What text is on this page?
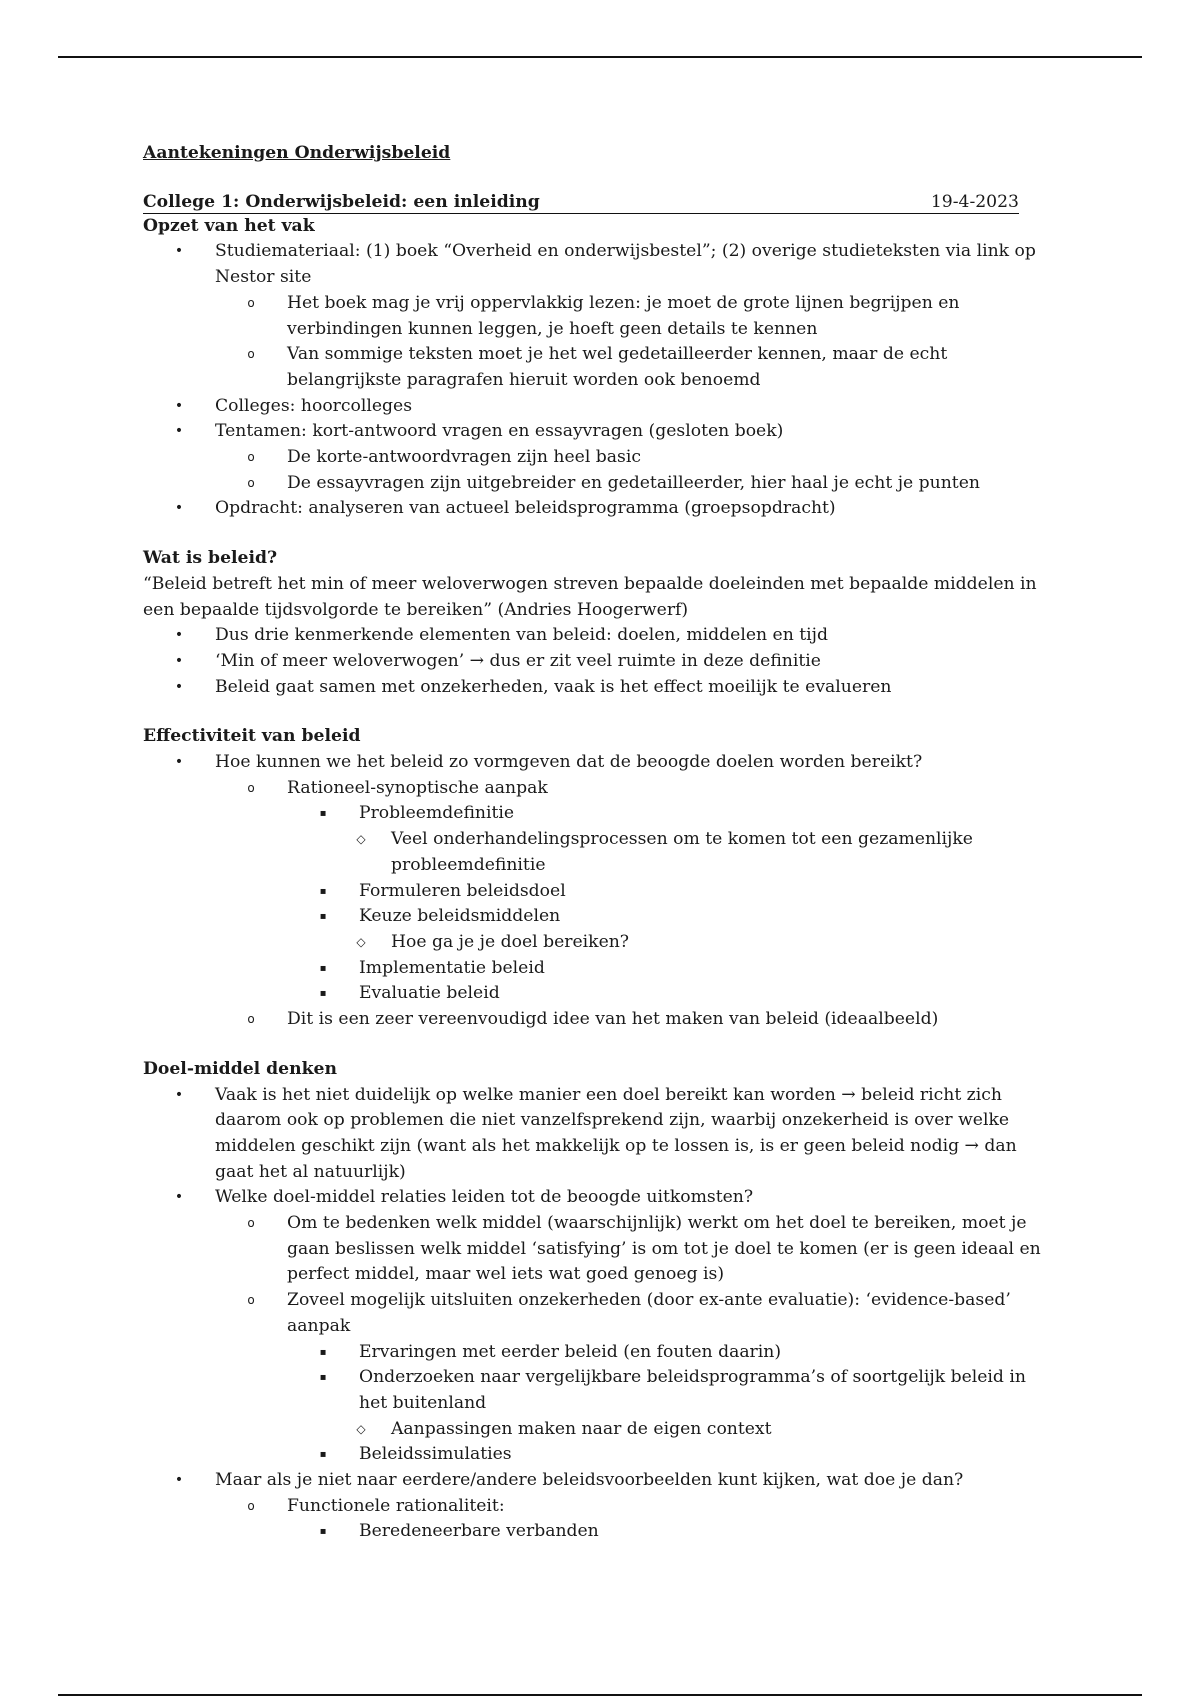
Aantekeningen Onderwijsbeleid
College 1: Onderwijsbeleid: een inleiding	19-4-2023
Opzet van het vak
•	Studiemateriaal: (1) boek “Overheid en onderwijsbestel”; (2) overige studieteksten via link op Nestor site
o	Het boek mag je vrij oppervlakkig lezen: je moet de grote lijnen begrijpen en verbindingen kunnen leggen, je hoeft geen details te kennen
o	Van sommige teksten moet je het wel gedetailleerder kennen, maar de echt belangrijkste paragrafen hieruit worden ook benoemd
•	Colleges: hoorcolleges
•	Tentamen: kort-antwoord vragen en essayvragen (gesloten boek)
o	De korte-antwoordvragen zijn heel basic
o	De essayvragen zijn uitgebreider en gedetailleerder, hier haal je echt je punten
•	Opdracht: analyseren van actueel beleidsprogramma (groepsopdracht)
Wat is beleid?
“Beleid betreft het min of meer weloverwogen streven bepaalde doeleinden met bepaalde middelen in een bepaalde tijdsvolgorde te bereiken” (Andries Hoogerwerf)
•	Dus drie kenmerkende elementen van beleid: doelen, middelen en tijd
•	‘Min of meer weloverwogen’ → dus er zit veel ruimte in deze definitie
•	Beleid gaat samen met onzekerheden, vaak is het effect moeilijk te evalueren
Effectiviteit van beleid
•	Hoe kunnen we het beleid zo vormgeven dat de beoogde doelen worden bereikt?
o	Rationeel-synoptische aanpak
▪	Probleemdefinitie
◇	Veel onderhandelingsprocessen om te komen tot een gezamenlijke probleemdefinitie
▪	Formuleren beleidsdoel
▪	Keuze beleidsmiddelen
◇	Hoe ga je je doel bereiken?
▪	Implementatie beleid
▪	Evaluatie beleid
o	Dit is een zeer vereenvoudigd idee van het maken van beleid (ideaalbeeld)
Doel-middel denken
•	Vaak is het niet duidelijk op welke manier een doel bereikt kan worden → beleid richt zich daarom ook op problemen die niet vanzelfsprekend zijn, waarbij onzekerheid is over welke middelen geschikt zijn (want als het makkelijk op te lossen is, is er geen beleid nodig → dan gaat het al natuurlijk)
•	Welke doel-middel relaties leiden tot de beoogde uitkomsten?
o	Om te bedenken welk middel (waarschijnlijk) werkt om het doel te bereiken, moet je gaan beslissen welk middel ‘satisfying’ is om tot je doel te komen (er is geen ideaal en perfect middel, maar wel iets wat goed genoeg is)
o	Zoveel mogelijk uitsluiten onzekerheden (door ex-ante evaluatie): ‘evidence-based’ aanpak
▪	Ervaringen met eerder beleid (en fouten daarin)
▪	Onderzoeken naar vergelijkbare beleidsprogramma’s of soortgelijk beleid in het buitenland
◇	Aanpassingen maken naar de eigen context
▪	Beleidssimulaties
•	Maar als je niet naar eerdere/andere beleidsvoorbeelden kunt kijken, wat doe je dan?
o	Functionele rationaliteit:
▪	Beredeneerbare verbanden
